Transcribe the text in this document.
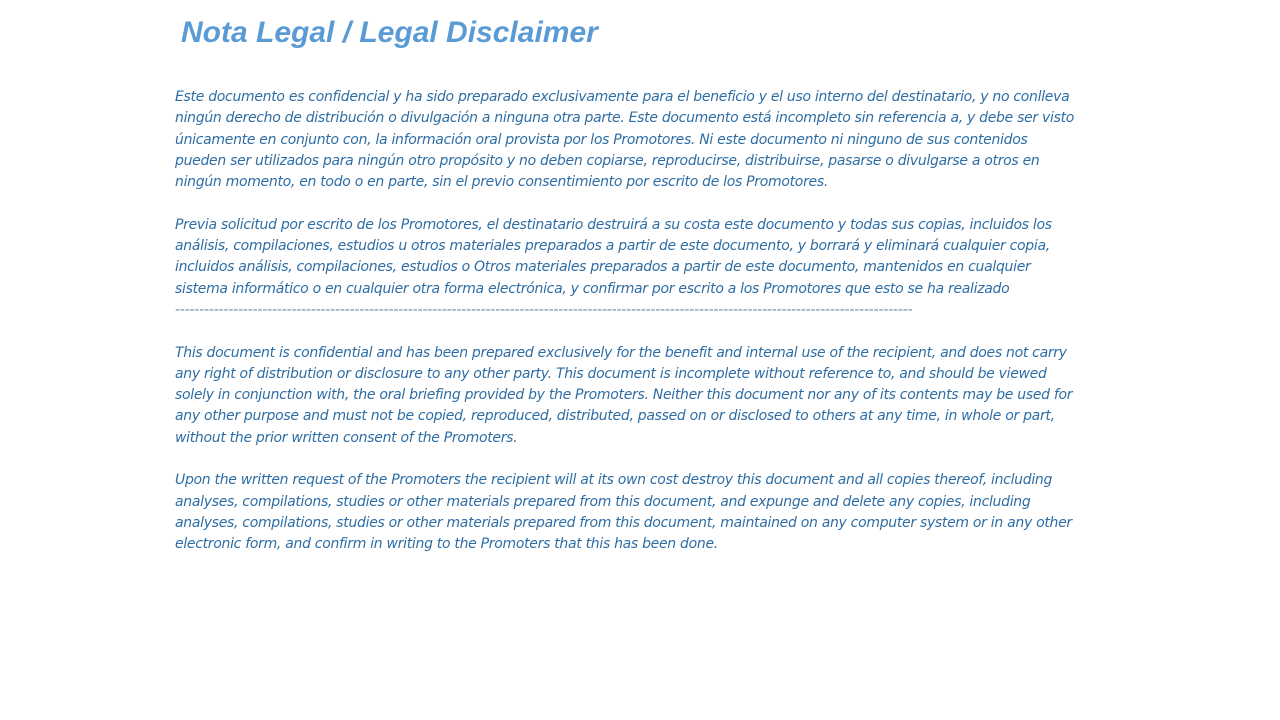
Nota Legal / Legal Disclaimer

Este documento es confidencial y ha sido preparado exclusivamente para el beneficio y el uso interno del destinatario, y no conlleva ningún derecho de distribución o divulgación a ninguna otra parte. Este documento está incompleto sin referencia a, y debe ser visto únicamente en conjunto con, la información oral provista por los Promotores. Ni este documento ni ninguno de sus contenidos pueden ser utilizados para ningún otro propósito y no deben copiarse, reproducirse, distribuirse, pasarse o divulgarse a otros en ningún momento, en todo o en parte, sin el previo consentimiento por escrito de los Promotores.

Previa solicitud por escrito de los Promotores, el destinatario destruirá a su costa este documento y todas sus copias, incluidos los análisis, compilaciones, estudios u otros materiales preparados a partir de este documento, y borrará y eliminará cualquier copia, incluidos análisis, compilaciones, estudios o Otros materiales preparados a partir de este documento, mantenidos en cualquier sistema informático o en cualquier otra forma electrónica, y confirmar por escrito a los Promotores que esto se ha realizado

--------------------------------------------------------------------------------------------------------------------------------------------------------

This document is confidential and has been prepared exclusively for the benefit and internal use of the recipient, and does not carry any right of distribution or disclosure to any other party. This document is incomplete without reference to, and should be viewed solely in conjunction with, the oral briefing provided by the Promoters. Neither this document nor any of its contents may be used for any other purpose and must not be copied, reproduced, distributed, passed on or disclosed to others at any time, in whole or part, without the prior written consent of the Promoters.

Upon the written request of the Promoters the recipient will at its own cost destroy this document and all copies thereof, including analyses, compilations, studies or other materials prepared from this document, and expunge and delete any copies, including analyses, compilations, studies or other materials prepared from this document, maintained on any computer system or in any other electronic form, and confirm in writing to the Promoters that this has been done.
